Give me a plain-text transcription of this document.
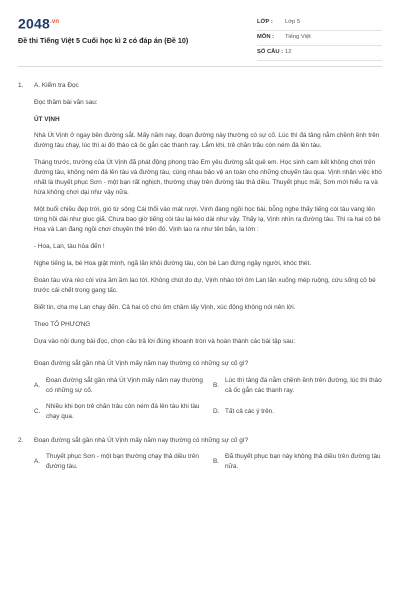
$2048^{.vn}$
Đề thi Tiếng Việt 5 Cuối học kì 2 có đáp án (Đề 10)
LỚP :	Lớp 5
MÔN :	Tiếng Việt
SỐ CÂU : 12
1.	A. Kiểm tra Đọc
Đọc thầm bài văn sau:
ÚT VỊNH
Nhà Út Vịnh ở ngay bên đường sắt. Mấy năm nay, đoạn đường này thường có sự cố. Lúc thì đá tảng nằm chềnh ềnh trên đường tàu chạy, lúc thì ai đó tháo cả ốc gắn các thanh ray. Lắm khi, trẻ chăn trâu còn ném đá lên tàu.
Tháng trước, trường của Út Vịnh đã phát động phong trào Em yêu đường sắt quê em. Học sinh cam kết không chơi trên đường tàu, không ném đá lên tàu và đường tàu, cùng nhau bảo vệ an toàn cho những chuyến tàu qua. Vịnh nhận việc khó nhất là thuyết phục Sơn - một bạn rất nghịch, thường chạy trên đường tàu thả diều. Thuyết phục mãi, Sơn mới hiểu ra và hứa không chơi dại như vậy nữa.
Một buổi chiều đẹp trời, gió từ sông Cái thổi vào mát rượi. Vịnh đang ngồi học bài, bỗng nghe thấy tiếng còi tàu vang lên từng hồi dài như giục giã. Chưa bao giờ tiếng còi tàu lại kéo dài như vậy. Thấy lạ, Vịnh nhìn ra đường tàu. Thì ra hai cô bé Hoa và Lan đang ngồi chơi chuyền thẻ trên đó. Vịnh lao ra như tên bắn, la lớn :
- Hoa, Lan, tàu hỏa đến !
Nghe tiếng la, bé Hoa giật mình, ngã lăn khỏi đường tàu, còn bé Lan đứng ngây người, khóc thét.
Đoàn tàu vừa réo còi vừa ầm ầm lao tới. Không chút do dự, Vịnh nhào tới ôm Lan lăn xuống mép ruộng, cứu sống cô bé trước cái chết trong gang tấc.
Biết tin, cha mẹ Lan chạy đến. Cả hai cô chú ôm chầm lấy Vịnh, xúc động không nói nên lời.
Theo TÔ PHƯƠNG
Dựa vào nội dung bài đọc, chọn câu trả lời đúng khoanh tròn và hoàn thành các bài tập sau:
Đoạn đường sắt gần nhà Út Vịnh mấy năm nay thường có những sự cố gì?
A.
Đoạn đường sắt gần nhà Út Vịnh mấy năm nay thường có những sự cố.
B.
Lúc thì tảng đá nằm chềnh ềnh trên đường, lúc thì tháo cả ốc gắn các thanh ray.
C.
Nhiều khi bọn trẻ chăn trâu còn ném đá lên tàu khi tàu chạy qua.
D. Tất cả các ý trên.
2.	Đoạn đường sắt gần nhà Út Vịnh mấy năm nay thường có những sự cố gì?
A.
Thuyết phục Sơn - một bạn thường chạy thả diều trên đường tàu.
B.
Đã thuyết phục bạn này không thả diều trên đường tàu nữa.
